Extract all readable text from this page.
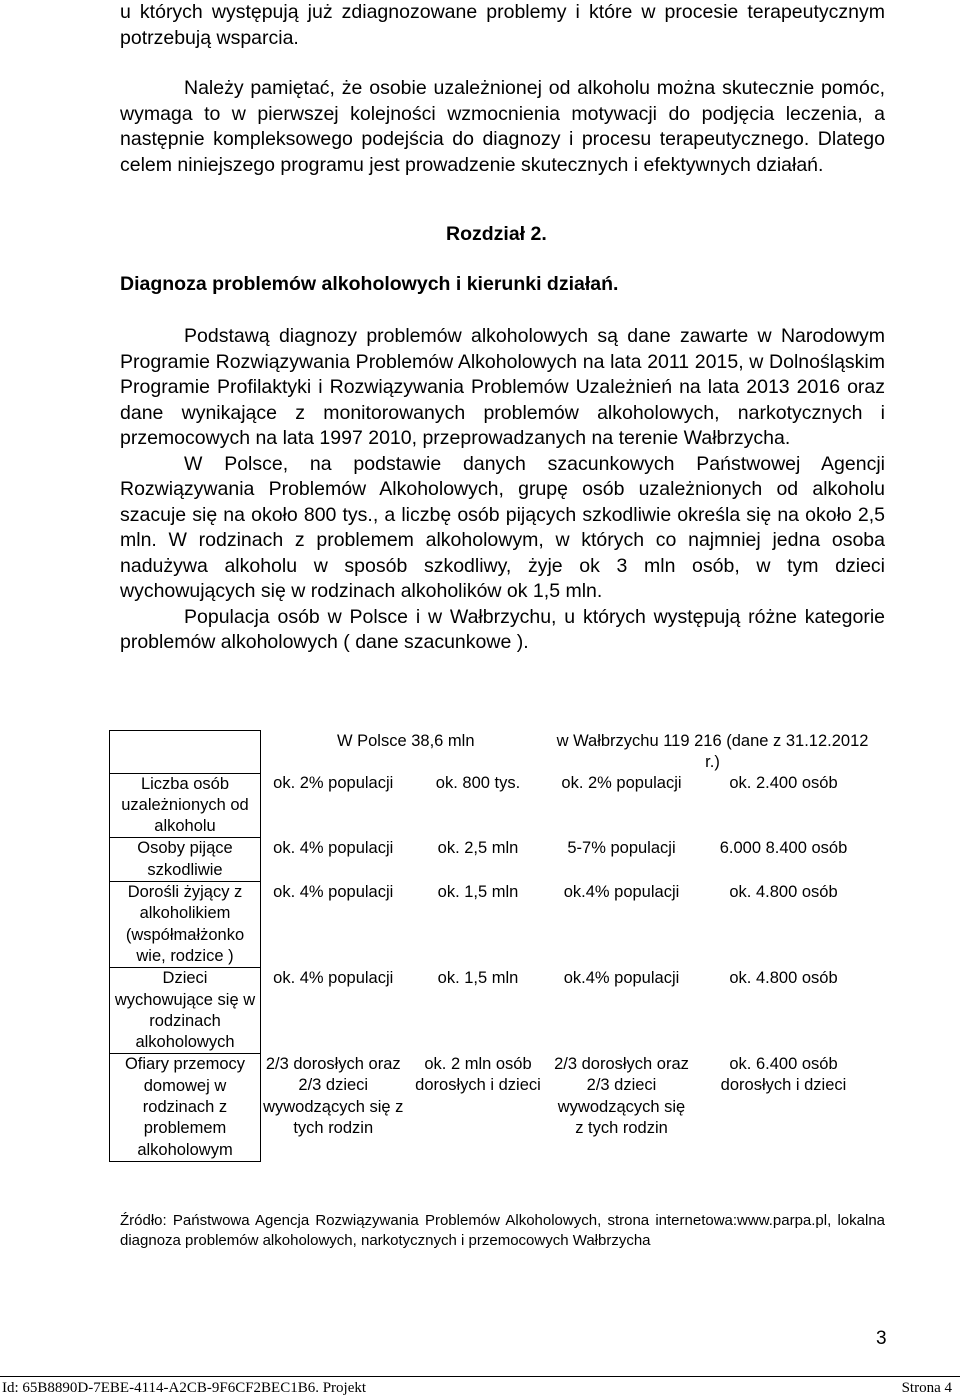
u których występują już zdiagnozowane problemy i które w procesie terapeutycznym potrzebują wsparcia.

Należy pamiętać, że osobie uzależnionej od alkoholu można skutecznie pomóc, wymaga to w pierwszej kolejności wzmocnienia motywacji do podjęcia leczenia, a następnie kompleksowego podejścia do diagnozy i procesu terapeutycznego. Dlatego celem niniejszego programu jest prowadzenie skutecznych i efektywnych działań.

Rozdział 2.
Diagnoza problemów alkoholowych i kierunki działań.

Podstawą diagnozy problemów alkoholowych są dane zawarte w Narodowym Programie Rozwiązywania Problemów Alkoholowych na lata 2011 2015, w Dolnośląskim Programie Profilaktyki i Rozwiązywania Problemów Uzależnień na lata 2013 2016 oraz dane wynikające z monitorowanych problemów alkoholowych, narkotycznych i przemocowych na lata 1997 2010, przeprowadzanych na terenie Wałbrzycha.

W Polsce, na podstawie danych szacunkowych Państwowej Agencji Rozwiązywania Problemów Alkoholowych, grupę osób uzależnionych od alkoholu szacuje się na około 800 tys., a liczbę osób pijących szkodliwie określa się na około 2,5 mln. W rodzinach z problemem alkoholowym, w których co najmniej jedna osoba nadużywa alkoholu w sposób szkodliwy, żyje ok 3 mln osób, w tym dzieci wychowujących się w rodzinach alkoholików ok 1,5 mln.

Populacja osób w Polsce i w Wałbrzychu, u których występują różne kategorie problemów alkoholowych ( dane szacunkowe ).

	W Polsce 38,6 mln		w Wałbrzychu 119 216 (dane z 31.12.2012 r.)	
Liczba osób uzależnionych od alkoholu	ok. 2% populacji	ok. 800 tys.	ok. 2% populacji	ok. 2.400 osób
Osoby pijące szkodliwie	ok. 4% populacji	ok. 2,5 mln	5-7% populacji	6.000 8.400 osób
Dorośli żyjący z alkoholikiem (współmałżonko wie, rodzice )	ok. 4% populacji	ok. 1,5 mln	ok.4% populacji	ok. 4.800 osób
Dzieci wychowujące się w rodzinach alkoholowych	ok. 4% populacji	ok. 1,5 mln	ok.4% populacji	ok. 4.800 osób
Ofiary przemocy domowej w rodzinach z problemem alkoholowym	2/3 dorosłych oraz 2/3 dzieci wywodzących się z tych rodzin	ok. 2 mln osób dorosłych i dzieci	2/3 dorosłych oraz 2/3 dzieci wywodzących się z tych rodzin	ok. 6.400 osób dorosłych i dzieci
Źródło: Państwowa Agencja Rozwiązywania Problemów Alkoholowych, strona internetowa:www.parpa.pl, lokalna diagnoza problemów alkoholowych, narkotycznych i przemocowych Wałbrzycha
3
Id: 65B8890D-7EBE-4114-A2CB-9F6CF2BEC1B6. Projekt	Strona 4
